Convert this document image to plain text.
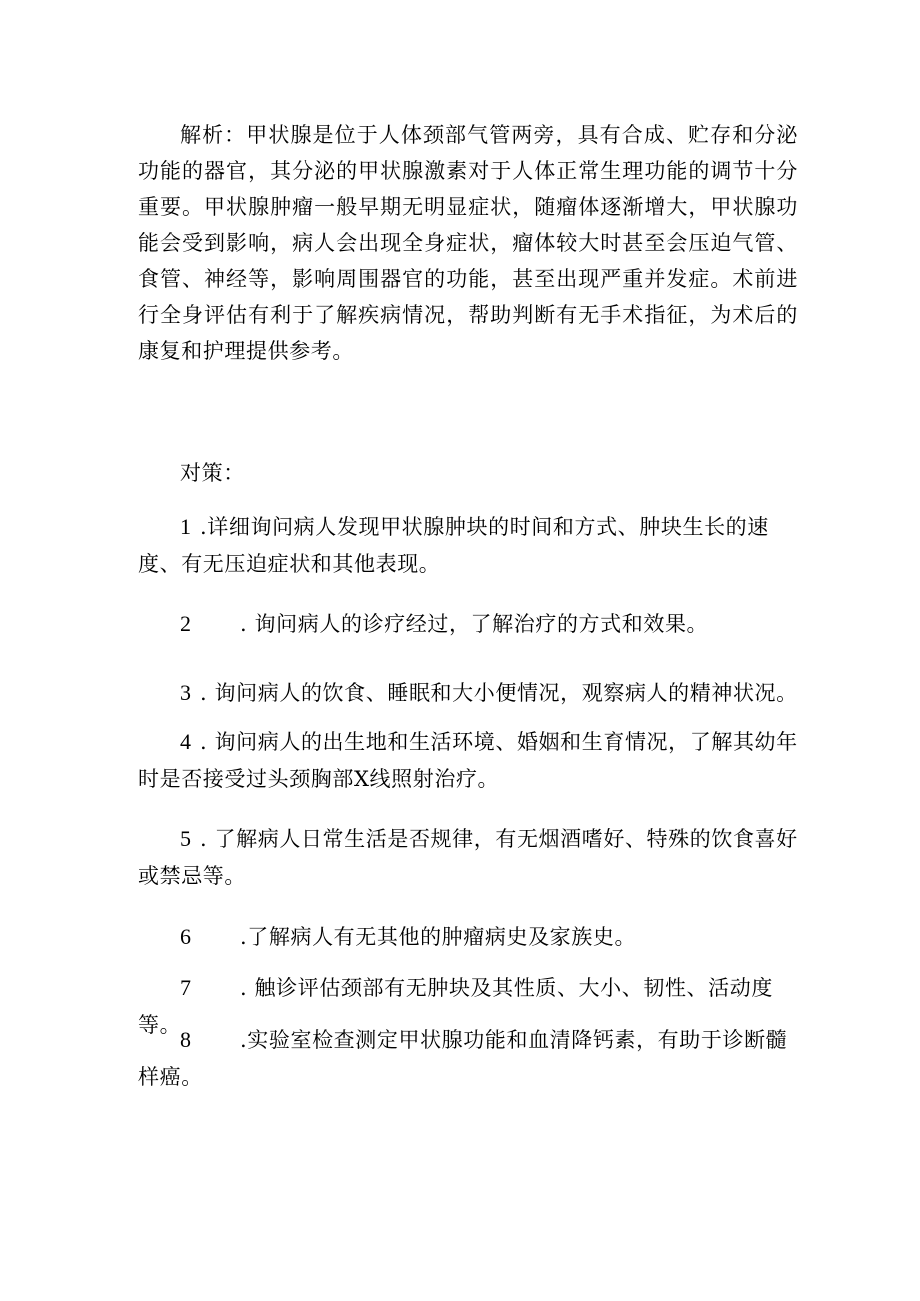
解析：甲状腺是位于人体颈部气管两旁，具有合成、贮存和分泌功能的器官，其分泌的甲状腺激素对于人体正常生理功能的调节十分重要。甲状腺肿瘤一般早期无明显症状，随瘤体逐渐增大，甲状腺功能会受到影响，病人会出现全身症状，瘤体较大时甚至会压迫气管、食管、神经等，影响周围器官的功能，甚至出现严重并发症。术前进行全身评估有利于了解疾病情况，帮助判断有无手术指征，为术后的康复和护理提供参考。

对策：

1 .详细询问病人发现甲状腺肿块的时间和方式、肿块生长的速度、有无压迫症状和其他表现。

2 . 询问病人的诊疗经过，了解治疗的方式和效果。

3 . 询问病人的饮食、睡眠和大小便情况，观察病人的精神状况。

4 . 询问病人的出生地和生活环境、婚姻和生育情况，了解其幼年时是否接受过头颈胸部X线照射治疗。

5 . 了解病人日常生活是否规律，有无烟酒嗜好、特殊的饮食喜好或禁忌等。

6 .了解病人有无其他的肿瘤病史及家族史。

7 . 触诊评估颈部有无肿块及其性质、大小、韧性、活动度等。

8 .实验室检查测定甲状腺功能和血清降钙素，有助于诊断髓样癌。
